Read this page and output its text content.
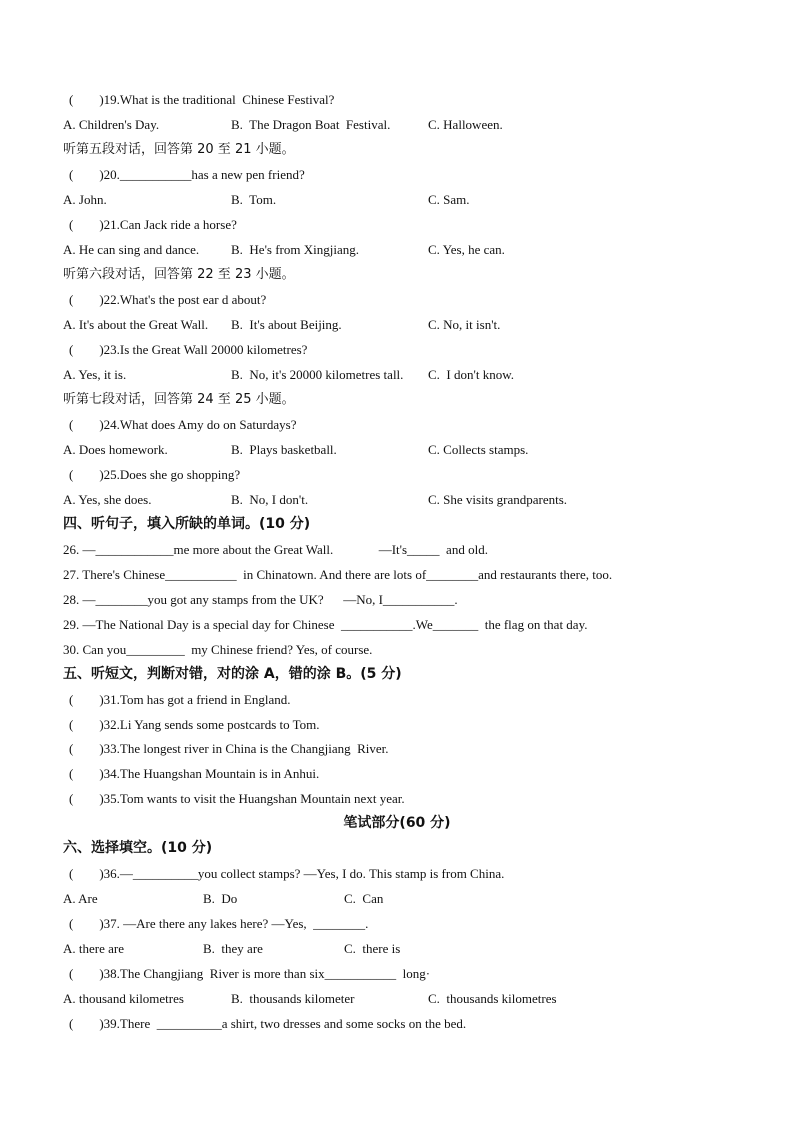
(        )19.What is the traditional  Chinese Festival?

A. Children's Day.

	B.  The Dragon Boat  Festival.

	C. Halloween.

听第五段对话，回答第 20 至 21 小题。
(        )20.___________has a new pen friend?

A. John.

	B.  Tom.

	C. Sam.

(        )21.Can Jack ride a horse?

A. He can sing and dance.

B.  He's from Xingjiang.

	C. Yes, he can.

听第六段对话，回答第 22 至 23 小题。
(        )22.What's the post ear d about?

A. It's about the Great Wall.

B.  It's about Beijing.

	C. No, it isn't.

(        )23.Is the Great Wall 20000 kilometres?

A. Yes, it is.

	B.  No, it's 20000 kilometres tall.

C.  I don't know.

听第七段对话，回答第 24 至 25 小题。
(        )24.What does Amy do on Saturdays?

A. Does homework.

	B.  Plays basketball.

	C. Collects stamps.

(        )25.Does she go shopping?

A. Yes, she does.

	B.  No, I don't.

	C. She visits grandparents.

四、听句子，填入所缺的单词。(10 分)
26. —____________me more about the Great Wall.              —It's_____  and old.
27. There's Chinese___________  in Chinatown. And there are lots of________and restaurants there, too.
28. —________you got any stamps from the UK?      —No, I___________.
29. —The National Day is a special day for Chinese  ___________.We_______  the flag on that day.
30. Can you_________  my Chinese friend? Yes, of course.
五、听短文，判断对错，对的涂 A，错的涂 B。(5 分)
(        )31.Tom has got a friend in England.
(        )32.Li Yang sends some postcards to Tom.
(        )33.The longest river in China is the Changjiang  River.
(        )34.The Huangshan Mountain is in Anhui.
(        )35.Tom wants to visit the Huangshan Mountain next year.
笔试部分(60 分)
六、选择填空。(10 分)
(        )36.—__________you collect stamps? —Yes, I do. This stamp is from China.

A. Are

	B.  Do

	C.  Can

(        )37. —Are there any lakes here? —Yes,  ________.

A. there are

	B.  they are

	C.  there is

(        )38.The Changjiang  River is more than six___________  long·

A. thousand kilometres

	B.  thousands kilometer

	C.  thousands kilometres

(        )39.There  __________a shirt, two dresses and some socks on the bed.
